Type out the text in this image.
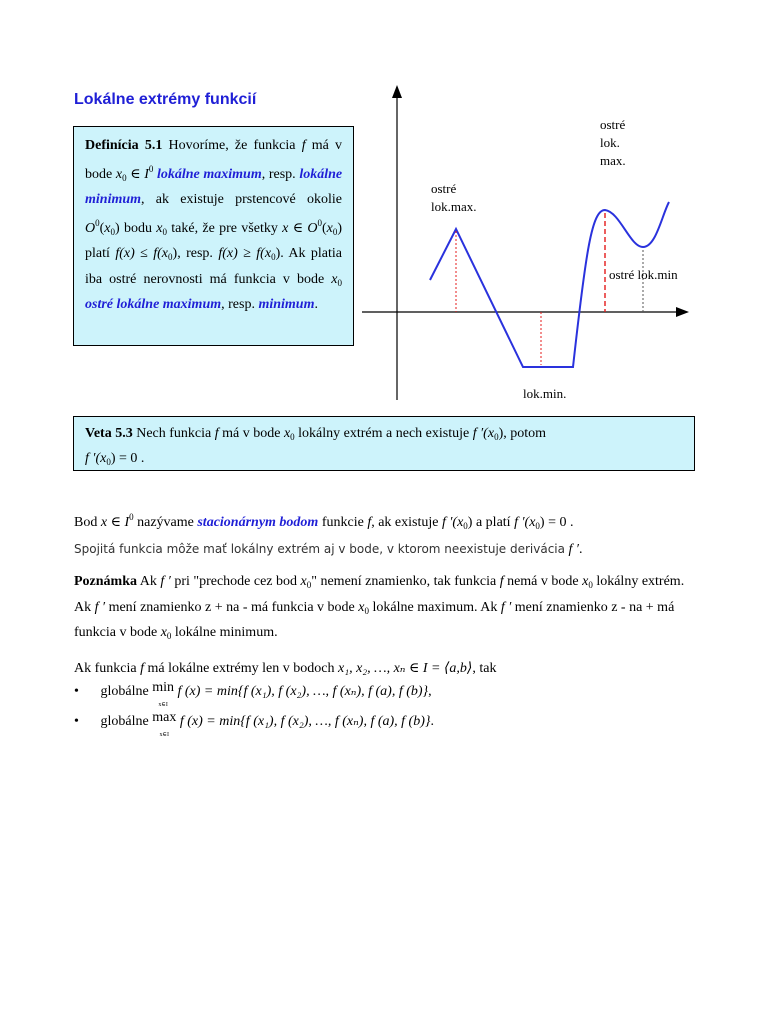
Lokálne extrémy funkcií
Definícia 5.1 Hovoríme, že funkcia f má v bode $x_0$ ∈ $I^0$ lokálne maximum, resp. lokálne minimum, ak existuje prstencové okolie $O^0(x_0)$ bodu $x_0$ také, že pre všetky x ∈ $O^0(x_0)$ platí $f(x) \le f(x_0)$, resp. $f(x) \ge f(x_0)$. Ak platia iba ostré nerovnosti má funkcia v bode $x_0$ ostré lokálne maximum, resp. minimum.
ostré
lok.max.
ostré
lok.
max.
ostré lok.min
lok.min.
Veta 5.3 Nech funkcia f má v bode $x_0$ lokálny extrém a nech existuje f $'(x_0)$, potom
f $'(x_0) = 0$ .

Bod x ∈ $I^0$ nazývame stacionárnym bodom funkcie f, ak existuje f $'(x_0)$ a platí f $'(x_0) = 0$ .
Spojitá funkcia môže mať lokálny extrém aj v bode, v ktorom neexistuje derivácia f ′.

Poznámka Ak f ′ pri "prechode cez bod $x_0$" nemení znamienko, tak funkcia f nemá v bode $x_0$ lokálny extrém. Ak f ′ mení znamienko z + na - má funkcia v bode $x_0$ lokálne maximum. Ak f ′ mení znamienko z - na + má funkcia v bode $x_0$ lokálne minimum.

Ak funkcia f má lokálne extrémy len v bodoch x₁, x₂, …, xₙ ∈ I = ⟨a,b⟩, tak

• globálne min
$_{x\in I}$ f (x) = min{f (x₁), f (x₂), …, f (xₙ), f (a), f (b)},
• globálne max
$_{x\in I}$ f (x) = min{f (x₁), f (x₂), …, f (xₙ), f (a), f (b)}.
